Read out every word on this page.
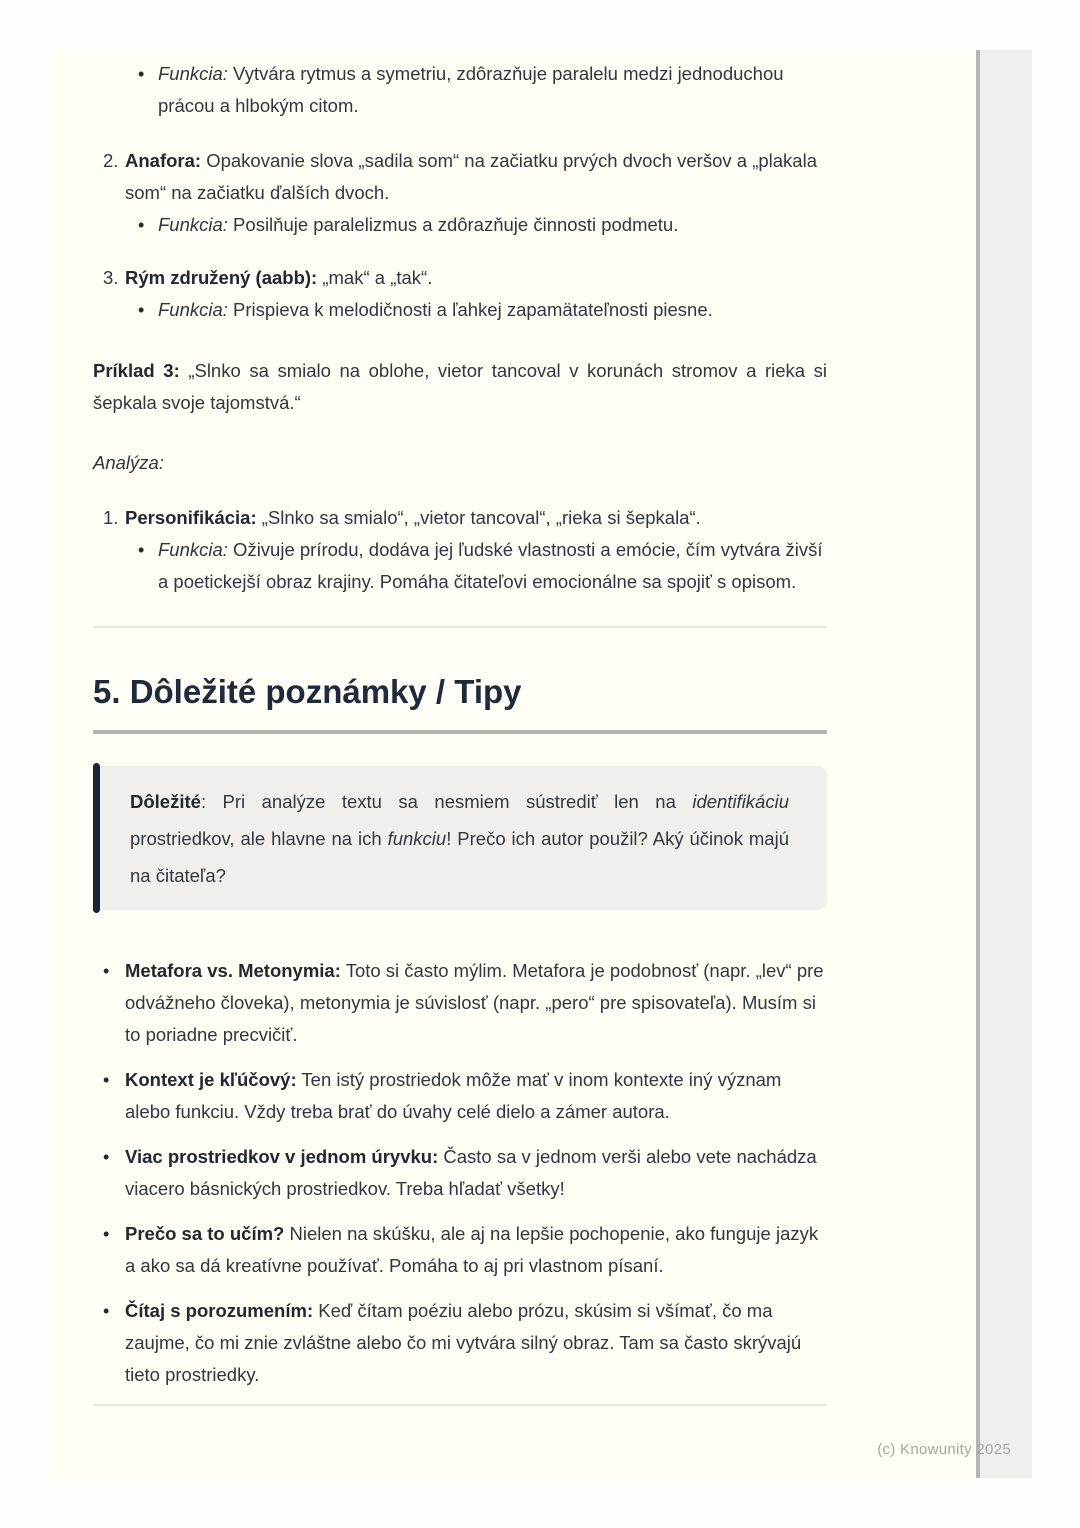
• Funkcia: Vytvára rytmus a symetriu, zdôrazňuje paralelu medzi jednoduchou prácou a hlbokým citom.
2. Anafora: Opakovanie slova „sadila som“ na začiatku prvých dvoch veršov a „plakala som“ na začiatku ďalších dvoch.
• Funkcia: Posilňuje paralelizmus a zdôrazňuje činnosti podmetu.
3. Rým združený (aabb): „mak“ a „tak“.
• Funkcia: Prispieva k melodičnosti a ľahkej zapamätateľnosti piesne.

Príklad 3: „Slnko sa smialo na oblohe, vietor tancoval v korunách stromov a rieka si šepkala svoje tajomstvá.“

Analýza:

1. Personifikácia: „Slnko sa smialo“, „vietor tancoval“, „rieka si šepkala“.
• Funkcia: Oživuje prírodu, dodáva jej ľudské vlastnosti a emócie, čím vytvára živší a poetickejší obraz krajiny. Pomáha čitateľovi emocionálne sa spojiť s opisom.
5. Dôležité poznámky / Tipy
Dôležité: Pri analýze textu sa nesmiem sústrediť len na identifikáciu prostriedkov, ale hlavne na ich funkciu! Prečo ich autor použil? Aký účinok majú na čitateľa?
• Metafora vs. Metonymia: Toto si často mýlim. Metafora je podobnosť (napr. „lev“ pre odvážneho človeka), metonymia je súvislosť (napr. „pero“ pre spisovateľa). Musím si to poriadne precvičiť.
• Kontext je kľúčový: Ten istý prostriedok môže mať v inom kontexte iný význam alebo funkciu. Vždy treba brať do úvahy celé dielo a zámer autora.
• Viac prostriedkov v jednom úryvku: Často sa v jednom verši alebo vete nachádza viacero básnických prostriedkov. Treba hľadať všetky!
• Prečo sa to učím? Nielen na skúšku, ale aj na lepšie pochopenie, ako funguje jazyk a ako sa dá kreatívne používať. Pomáha to aj pri vlastnom písaní.
• Čítaj s porozumením: Keď čítam poéziu alebo prózu, skúsim si všímať, čo ma zaujme, čo mi znie zvláštne alebo čo mi vytvára silný obraz. Tam sa často skrývajú tieto prostriedky.
(c) Knowunity 2025
